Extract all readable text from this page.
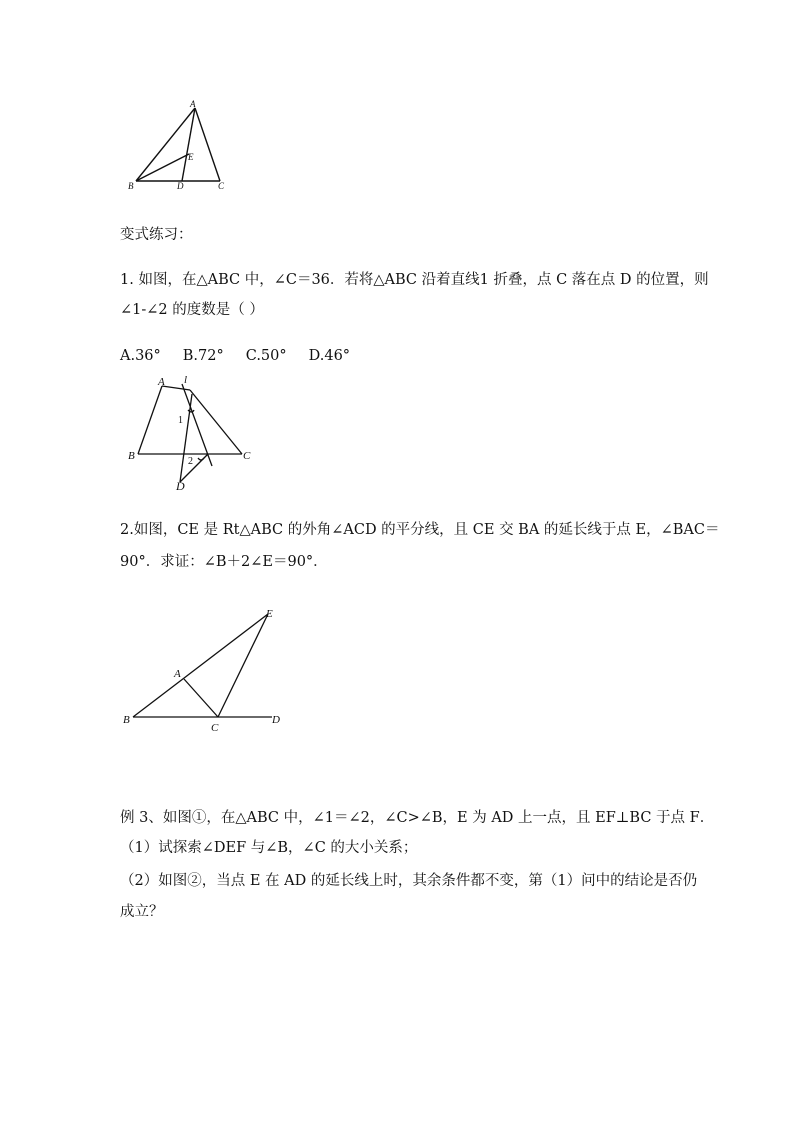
A
E
B	D	C
变式练习：
1. 如图，在△ABC 中，∠C＝36．若将△ABC 沿着直线1 折叠，点 C 落在点 D 的位置，则
∠1-∠2 的度数是（ ）
A.36° B.72° C.50° D.46°
A l
1
B	C
2
D
2.如图，CE 是 Rt△ABC 的外角∠ACD 的平分线，且 CE 交 BA 的延长线于点 E，∠BAC＝
90°．求证：∠B＋2∠E＝90°．
E
A
B
C
D
例 3、如图①，在△ABC 中，∠1＝∠2，∠C>∠B，E 为 AD 上一点，且 EF⊥BC 于点 F．
（1）试探索∠DEF 与∠B，∠C 的大小关系；
（2）如图②，当点 E 在 AD 的延长线上时，其余条件都不变，第（1）问中的结论是否仍
成立？
